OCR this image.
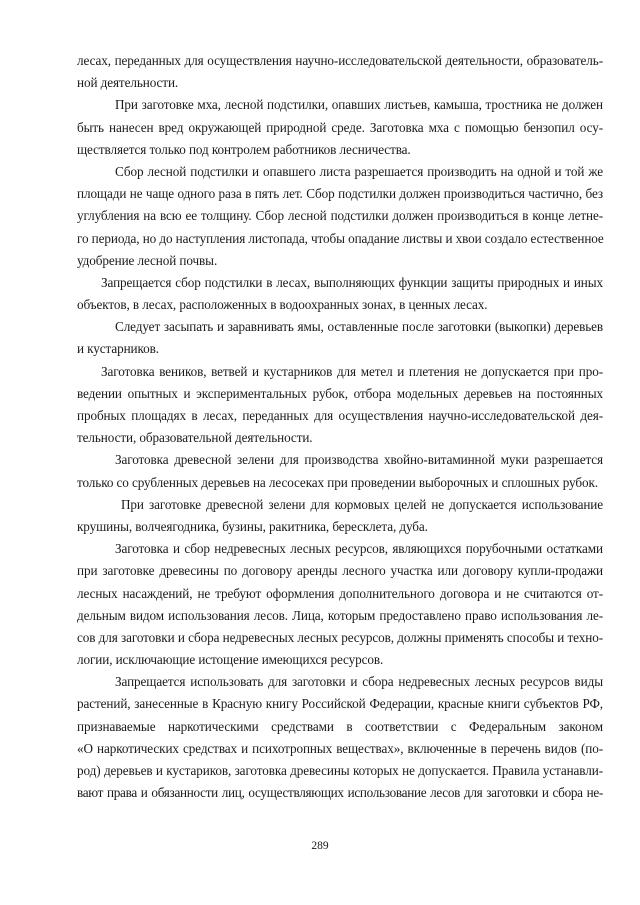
лесах, переданных для осуществления научно-исследовательской деятельности, образователь-
ной деятельности.

При заготовке мха, лесной подстилки, опавших листьев, камыша, тростника не должен
быть нанесен вред окружающей природной среде. Заготовка мха с помощью бензопил осу-
ществляется только под контролем работников лесничества.

Сбор лесной подстилки и опавшего листа разрешается производить на одной и той же
площади не чаще одного раза в пять лет. Сбор подстилки должен производиться частично, без
углубления на всю ее толщину. Сбор лесной подстилки должен производиться в конце летне-
го периода, но до наступления листопада, чтобы опадание листвы и хвои создало естественное
удобрение лесной почвы.

Запрещается сбор подстилки в лесах, выполняющих функции защиты природных и иных
объектов, в лесах, расположенных в водоохранных зонах, в ценных лесах.

Следует засыпать и заравнивать ямы, оставленные после заготовки (выкопки) деревьев
и кустарников.

Заготовка веников, ветвей и кустарников для метел и плетения не допускается при про-
ведении опытных и экспериментальных рубок, отбора модельных деревьев на постоянных
пробных площадях в лесах, переданных для осуществления научно-исследовательской дея-
тельности, образовательной деятельности.

Заготовка древесной зелени для производства хвойно-витаминной муки разрешается
только со срубленных деревьев на лесосеках при проведении выборочных и сплошных рубок.

При заготовке древесной зелени для кормовых целей не допускается использование
крушины, волчеягодника, бузины, ракитника, бересклета, дуба.

Заготовка и сбор недревесных лесных ресурсов, являющихся порубочными остатками
при заготовке древесины по договору аренды лесного участка или договору купли-продажи
лесных насаждений, не требуют оформления дополнительного договора и не считаются от-
дельным видом использования лесов. Лица, которым предоставлено право использования ле-
сов для заготовки и сбора недревесных лесных ресурсов, должны применять способы и техно-
логии, исключающие истощение имеющихся ресурсов.

Запрещается использовать для заготовки и сбора недревесных лесных ресурсов виды
растений, занесенные в Красную книгу Российской Федерации, красные книги субъектов РФ,
признаваемые наркотическими средствами в соответствии с Федеральным законом
«О наркотических средствах и психотропных веществах», включенные в перечень видов (по-
род) деревьев и кустариков, заготовка древесины которых не допускается. Правила устанавли-
вают права и обязанности лиц, осуществляющих использование лесов для заготовки и сбора не-

289
